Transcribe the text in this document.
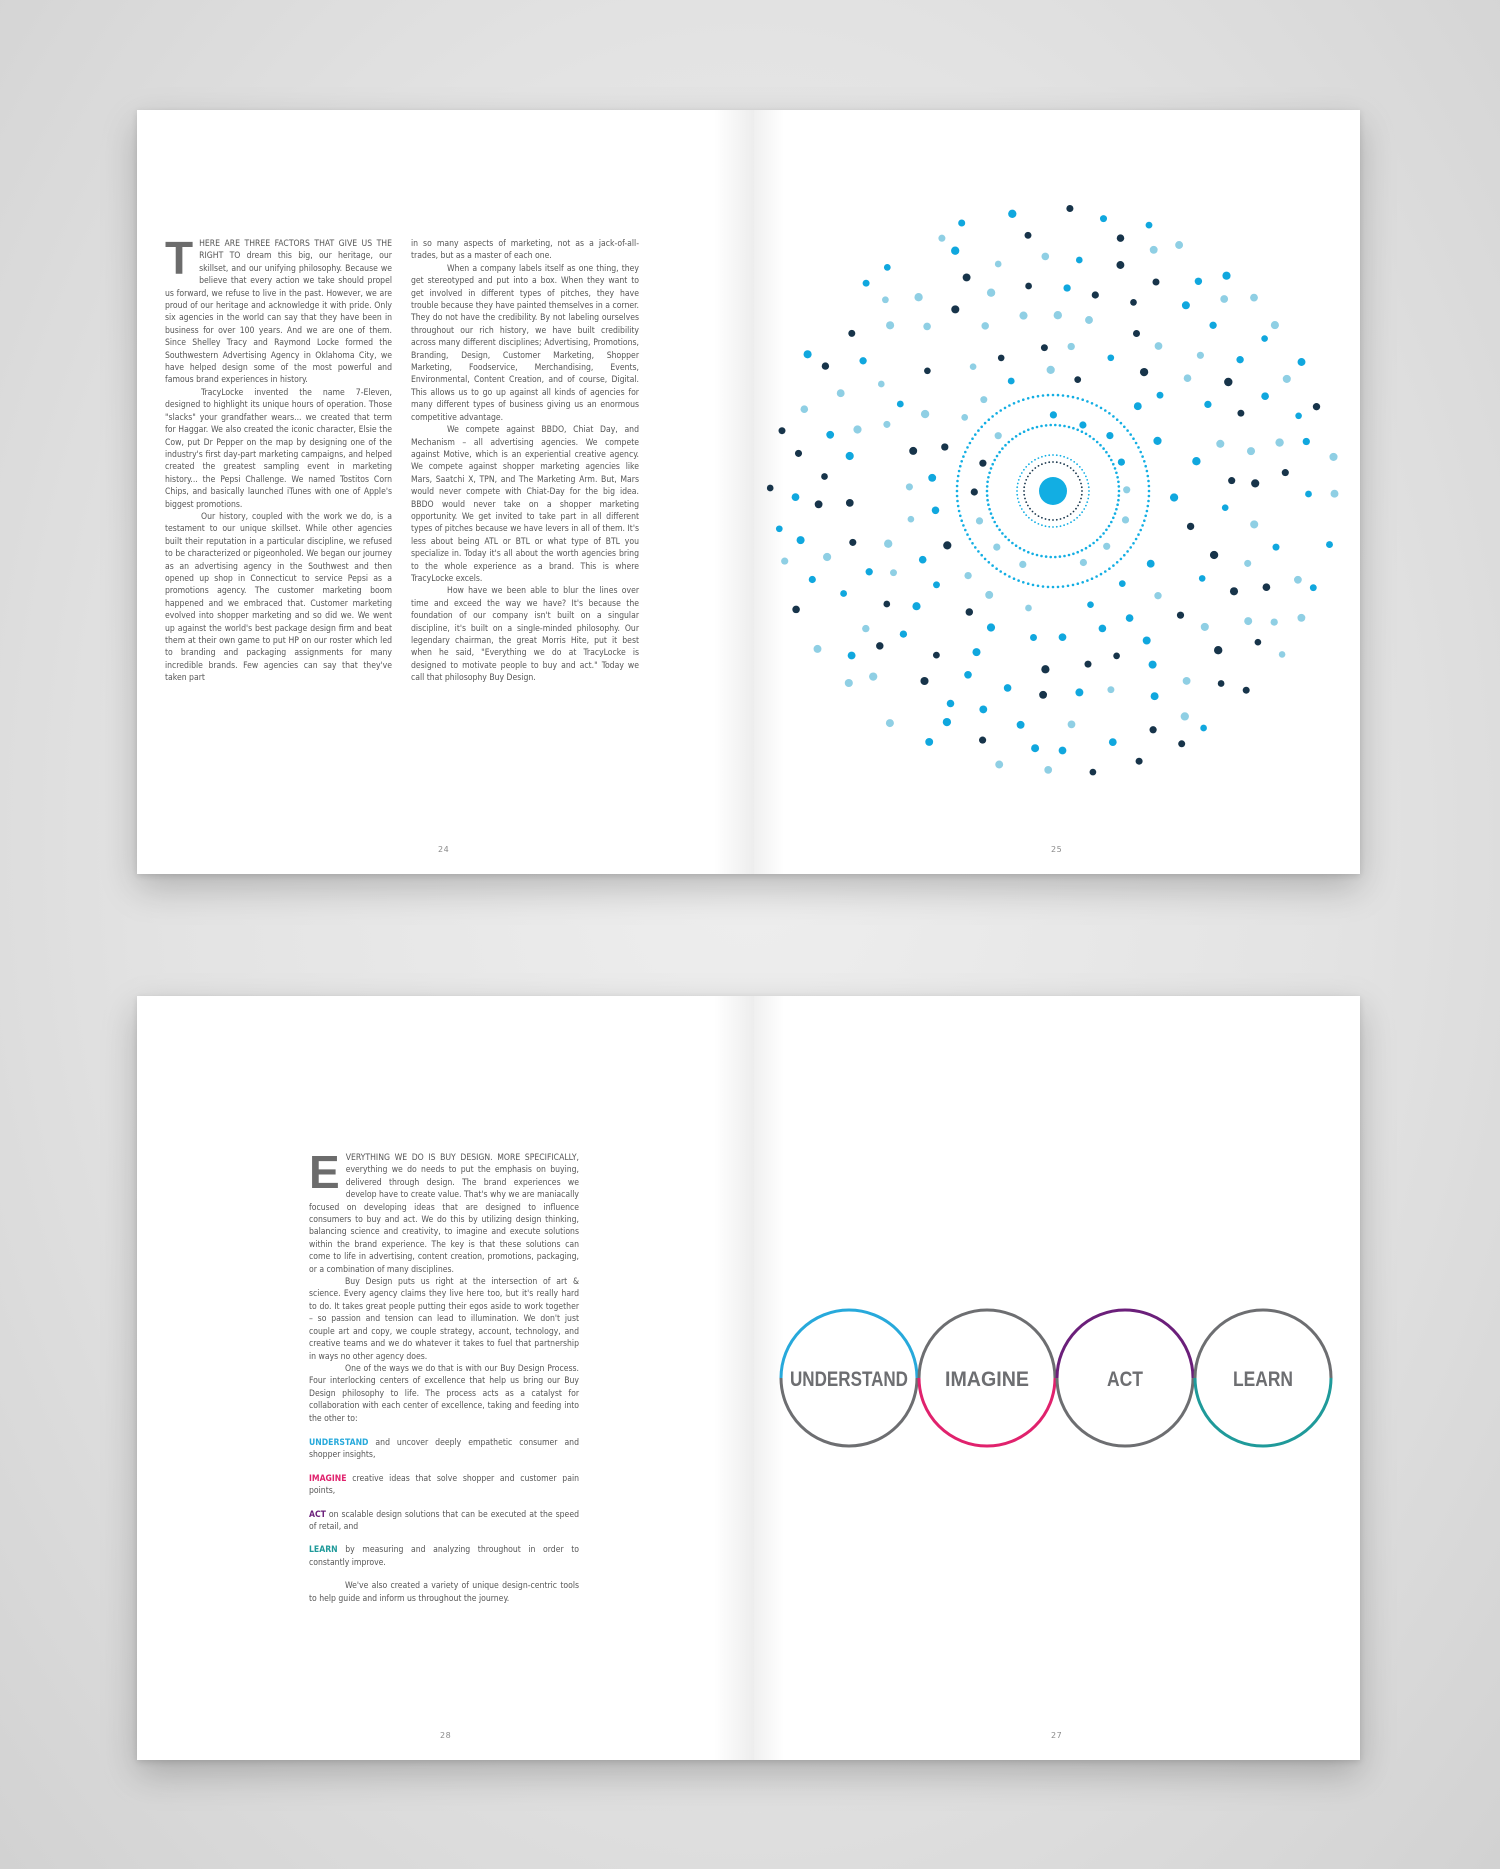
THERE ARE THREE FACTORS THAT GIVE US THE RIGHT TO dream this big, our heritage, our skillset, and our unifying philosophy. Because we believe that every action we take should propel us forward, we refuse to live in the past. However, we are proud of our heritage and acknowledge it with pride. Only six agencies in the world can say that they have been in business for over 100 years. And we are one of them. Since Shelley Tracy and Raymond Locke formed the Southwestern Advertising Agency in Oklahoma City, we have helped design some of the most powerful and famous brand experiences in history.

TracyLocke invented the name 7-Eleven, designed to highlight its unique hours of operation. Those "slacks" your grandfather wears... we created that term for Haggar. We also created the iconic character, Elsie the Cow, put Dr Pepper on the map by designing one of the industry's first day-part marketing campaigns, and helped created the greatest sampling event in marketing history... the Pepsi Challenge. We named Tostitos Corn Chips, and basically launched iTunes with one of Apple's biggest promotions.

Our history, coupled with the work we do, is a testament to our unique skillset. While other agencies built their reputation in a particular discipline, we refused to be characterized or pigeonholed. We began our journey as an advertising agency in the Southwest and then opened up shop in Connecticut to service Pepsi as a promotions agency. The customer marketing boom happened and we embraced that. Customer marketing evolved into shopper marketing and so did we. We went up against the world's best package design firm and beat them at their own game to put HP on our roster which led to branding and packaging assignments for many incredible brands. Few agencies can say that they've taken part

in so many aspects of marketing, not as a jack-of-all-trades, but as a master of each one.

When a company labels itself as one thing, they get stereotyped and put into a box. When they want to get involved in different types of pitches, they have trouble because they have painted themselves in a corner. They do not have the credibility. By not labeling ourselves throughout our rich history, we have built credibility across many different disciplines; Advertising, Promotions, Branding, Design, Customer Marketing, Shopper Marketing, Foodservice, Merchandising, Events, Environmental, Content Creation, and of course, Digital. This allows us to go up against all kinds of agencies for many different types of business giving us an enormous competitive advantage.

We compete against BBDO, Chiat Day, and Mechanism – all advertising agencies. We compete against Motive, which is an experiential creative agency. We compete against shopper marketing agencies like Mars, Saatchi X, TPN, and The Marketing Arm. But, Mars would never compete with Chiat-Day for the big idea. BBDO would never take on a shopper marketing opportunity. We get invited to take part in all different types of pitches because we have levers in all of them. It's less about being ATL or BTL or what type of BTL you specialize in. Today it's all about the worth agencies bring to the whole experience as a brand. This is where TracyLocke excels.

How have we been able to blur the lines over time and exceed the way we have? It's because the foundation of our company isn't built on a singular discipline, it's built on a single-minded philosophy. Our legendary chairman, the great Morris Hite, put it best when he said, "Everything we do at TracyLocke is designed to motivate people to buy and act." Today we call that philosophy Buy Design.

24	25

EVERYTHING WE DO IS BUY DESIGN. MORE SPECIFICALLY, everything we do needs to put the emphasis on buying, delivered through design. The brand experiences we develop have to create value. That's why we are maniacally focused on developing ideas that are designed to influence consumers to buy and act. We do this by utilizing design thinking, balancing science and creativity, to imagine and execute solutions within the brand experience. The key is that these solutions can come to life in advertising, content creation, promotions, packaging, or a combination of many disciplines.

Buy Design puts us right at the intersection of art & science. Every agency claims they live here too, but it's really hard to do. It takes great people putting their egos aside to work together – so passion and tension can lead to illumination. We don't just couple art and copy, we couple strategy, account, technology, and creative teams and we do whatever it takes to fuel that partnership in ways no other agency does.

One of the ways we do that is with our Buy Design Process. Four interlocking centers of excellence that help us bring our Buy Design philosophy to life. The process acts as a catalyst for collaboration with each center of excellence, taking and feeding into the other to:

UNDERSTAND and uncover deeply empathetic consumer and shopper insights,

IMAGINE creative ideas that solve shopper and customer pain points,

ACT on scalable design solutions that can be executed at the speed of retail, and

LEARN by measuring and analyzing throughout in order to constantly improve.

We've also created a variety of unique design-centric tools to help guide and inform us throughout the journey.

28
UNDERSTAND IMAGINE	ACT	LEARN
27
